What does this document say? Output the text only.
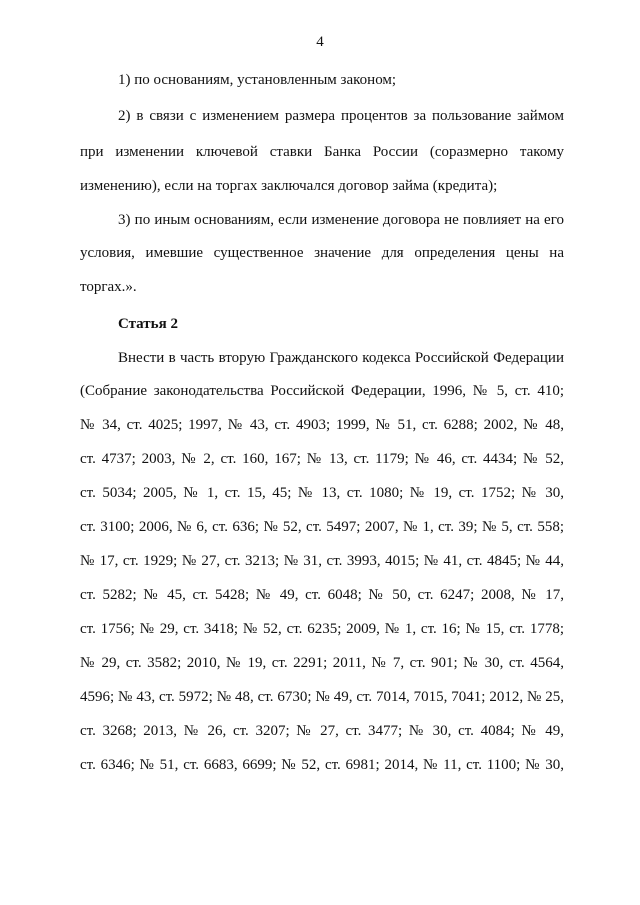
4
1) по основаниям, установленным законом;
2) в связи с изменением размера процентов за пользование займом
при изменении ключевой ставки Банка России (соразмерно такому
изменению), если на торгах заключался договор займа (кредита);
3) по иным основаниям, если изменение договора не повлияет на его
условия, имевшие существенное значение для определения цены на
торгах.».
Статья 2
Внести в часть вторую Гражданского кодекса Российской Федерации
(Собрание законодательства Российской Федерации, 1996, № 5, ст. 410;
№ 34, ст. 4025; 1997, № 43, ст. 4903; 1999, № 51, ст. 6288; 2002, № 48,
ст. 4737; 2003, № 2, ст. 160, 167; № 13, ст. 1179; № 46, ст. 4434; № 52,
ст. 5034; 2005, № 1, ст. 15, 45; № 13, ст. 1080; № 19, ст. 1752; № 30,
ст. 3100; 2006, № 6, ст. 636; № 52, ст. 5497; 2007, № 1, ст. 39; № 5, ст. 558;
№ 17, ст. 1929; № 27, ст. 3213; № 31, ст. 3993, 4015; № 41, ст. 4845; № 44,
ст. 5282; № 45, ст. 5428; № 49, ст. 6048; № 50, ст. 6247; 2008, № 17,
ст. 1756; № 29, ст. 3418; № 52, ст. 6235; 2009, № 1, ст. 16; № 15, ст. 1778;
№ 29, ст. 3582; 2010, № 19, ст. 2291; 2011, № 7, ст. 901; № 30, ст. 4564,
4596; № 43, ст. 5972; № 48, ст. 6730; № 49, ст. 7014, 7015, 7041; 2012, № 25,
ст. 3268; 2013, № 26, ст. 3207; № 27, ст. 3477; № 30, ст. 4084; № 49,
ст. 6346; № 51, ст. 6683, 6699; № 52, ст. 6981; 2014, № 11, ст. 1100; № 30,
